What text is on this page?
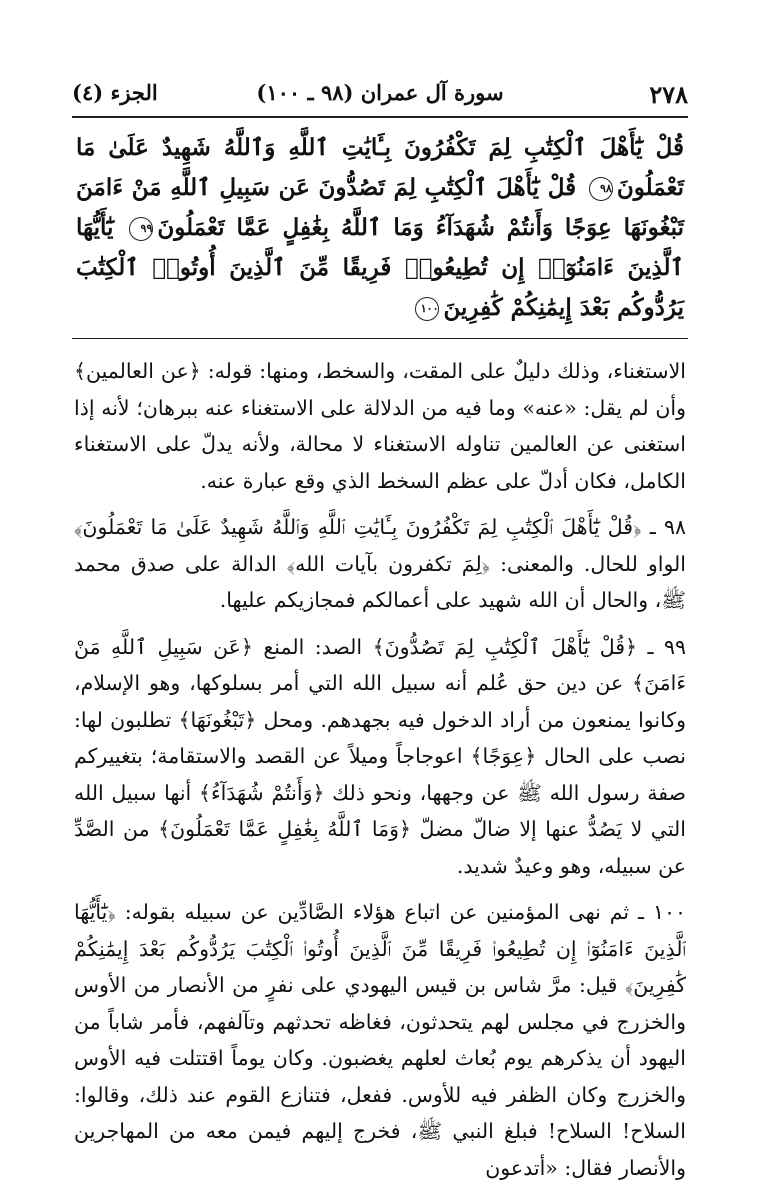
٢٧٨
سورة آل عمران (٩٨ ـ ١٠٠)
الجزء (٤)
قُلْ يَٰٓأَهْلَ ٱلْكِتَٰبِ لِمَ تَكْفُرُونَ بِـَٔايَٰتِ ٱللَّهِ وَٱللَّهُ شَهِيدٌ عَلَىٰ مَا تَعْمَلُونَ٩٨ قُلْ يَٰٓأَهْلَ ٱلْكِتَٰبِ لِمَ تَصُدُّونَ عَن سَبِيلِ ٱللَّهِ مَنْ ءَامَنَ تَبْغُونَهَا عِوَجًا وَأَنتُمْ شُهَدَآءُ وَمَا ٱللَّهُ بِغَٰفِلٍ عَمَّا تَعْمَلُونَ٩٩ يَٰٓأَيُّهَا ٱلَّذِينَ ءَامَنُوٓا۟ إِن تُطِيعُوا۟ فَرِيقًا مِّنَ ٱلَّذِينَ أُوتُوا۟ ٱلْكِتَٰبَ يَرُدُّوكُم بَعْدَ إِيمَٰنِكُمْ كَٰفِرِينَ١٠٠

الاستغناء، وذلك دليلٌ على المقت، والسخط، ومنها: قوله: ﴿عن العالمين﴾ وأن لم يقل: «عنه» وما فيه من الدلالة على الاستغناء عنه ببرهان؛ لأنه إذا استغنى عن العالمين تناوله الاستغناء لا محالة، ولأنه يدلّ على الاستغناء الكامل، فكان أدلّ على عظم السخط الذي وقع عبارة عنه.

٩٨ ـ ﴿قُلْ يَٰٓأَهْلَ ٱلْكِتَٰبِ لِمَ تَكْفُرُونَ بِـَٔايَٰتِ ٱللَّهِ وَٱللَّهُ شَهِيدٌ عَلَىٰ مَا تَعْمَلُونَ﴾ الواو للحال. والمعنى: ﴿لِمَ تكفرون بآيات الله﴾ الدالة على صدق محمد ﷺ، والحال أن الله شهيد على أعمالكم فمجازيكم عليها.

٩٩ ـ ﴿قُلْ يَٰٓأَهْلَ ٱلْكِتَٰبِ لِمَ تَصُدُّونَ﴾ الصد: المنع ﴿عَن سَبِيلِ ٱللَّهِ مَنْ ءَامَنَ﴾ عن دين حق عُلم أنه سبيل الله التي أمر بسلوكها، وهو الإسلام، وكانوا يمنعون من أراد الدخول فيه بجهدهم. ومحل ﴿تَبْغُونَهَا﴾ تطلبون لها: نصب على الحال ﴿عِوَجًا﴾ اعوجاجاً وميلاً عن القصد والاستقامة؛ بتغييركم صفة رسول الله ﷺ عن وجهها، ونحو ذلك ﴿وَأَنتُمْ شُهَدَآءُ﴾ أنها سبيل الله التي لا يَصُدُّ عنها إلا ضالّ مضلّ ﴿وَمَا ٱللَّهُ بِغَٰفِلٍ عَمَّا تَعْمَلُونَ﴾ من الصَّدِّ عن سبيله، وهو وعيدٌ شديد.

١٠٠ ـ ثم نهى المؤمنين عن اتباع هؤلاء الصَّادِّين عن سبيله بقوله: ﴿يَٰٓأَيُّهَا ٱلَّذِينَ ءَامَنُوٓا۟ إِن تُطِيعُوا۟ فَرِيقًا مِّنَ ٱلَّذِينَ أُوتُوا۟ ٱلْكِتَٰبَ يَرُدُّوكُم بَعْدَ إِيمَٰنِكُمْ كَٰفِرِينَ﴾ قيل: مرَّ شاس بن قيس اليهودي على نفرٍ من الأنصار من الأوس والخزرج في مجلس لهم يتحدثون، فغاظه تحدثهم وتآلفهم، فأمر شاباً من اليهود أن يذكرهم يوم بُعاث لعلهم يغضبون. وكان يوماً اقتتلت فيه الأوس والخزرج وكان الظفر فيه للأوس. ففعل، فتنازع القوم عند ذلك، وقالوا: السلاح! السلاح! فبلغ النبي ﷺ، فخرج إليهم فيمن معه من المهاجرين والأنصار فقال: «أتدعون
